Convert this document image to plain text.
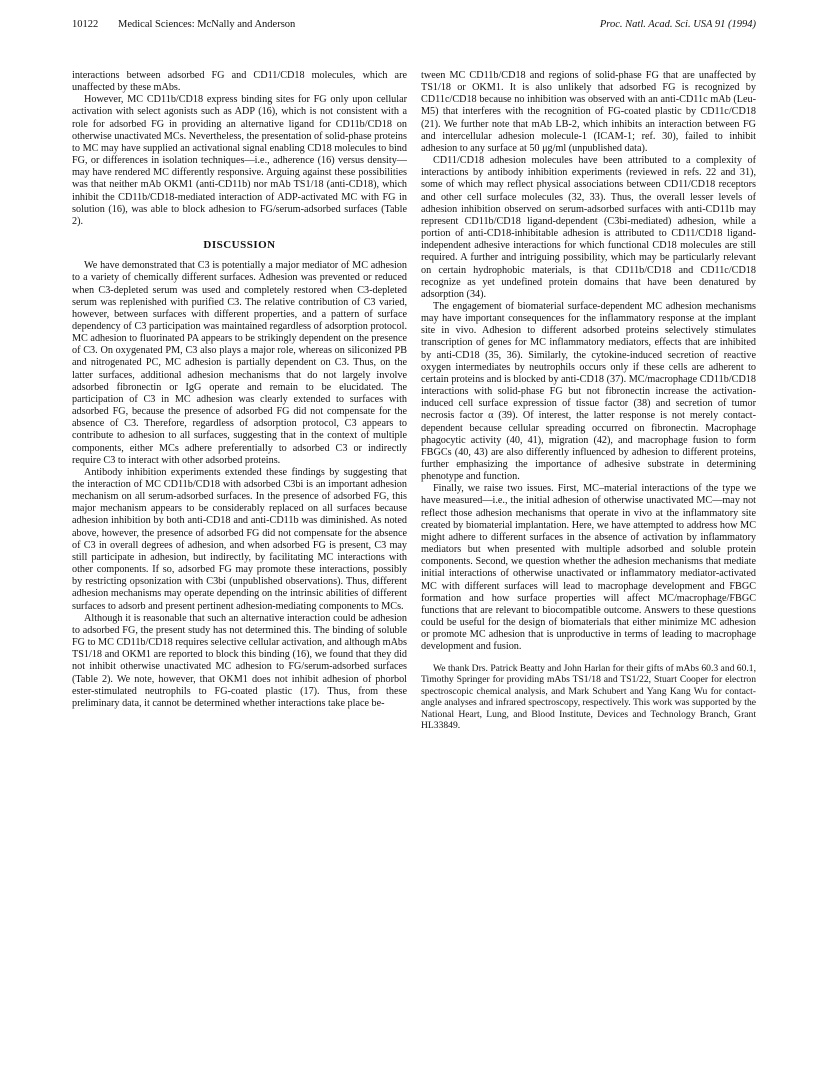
10122 Medical Sciences: McNally and Anderson	Proc. Natl. Acad. Sci. USA 91 (1994)

interactions between adsorbed FG and CD11/CD18 molecules, which are unaffected by these mAbs.

However, MC CD11b/CD18 express binding sites for FG only upon cellular activation with select agonists such as ADP (16), which is not consistent with a role for adsorbed FG in providing an alternative ligand for CD11b/CD18 on otherwise unactivated MCs. Nevertheless, the presentation of solid-phase proteins to MC may have supplied an activational signal enabling CD18 molecules to bind FG, or differences in isolation techniques—i.e., adherence (16) versus density—may have rendered MC differently responsive. Arguing against these possibilities was that neither mAb OKM1 (anti-CD11b) nor mAb TS1/18 (anti-CD18), which inhibit the CD11b/CD18-mediated interaction of ADP-activated MC with FG in solution (16), was able to block adhesion to FG/serum-adsorbed surfaces (Table 2).

DISCUSSION

We have demonstrated that C3 is potentially a major mediator of MC adhesion to a variety of chemically different surfaces. Adhesion was prevented or reduced when C3-depleted serum was used and completely restored when C3-depleted serum was replenished with purified C3. The relative contribution of C3 varied, however, between surfaces with different properties, and a pattern of surface dependency of C3 participation was maintained regardless of adsorption protocol. MC adhesion to fluorinated PA appears to be strikingly dependent on the presence of C3. On oxygenated PM, C3 also plays a major role, whereas on siliconized PB and nitrogenated PC, MC adhesion is partially dependent on C3. Thus, on the latter surfaces, additional adhesion mechanisms that do not largely involve adsorbed fibronectin or IgG operate and remain to be elucidated. The participation of C3 in MC adhesion was clearly extended to surfaces with adsorbed FG, because the presence of adsorbed FG did not compensate for the absence of C3. Therefore, regardless of adsorption protocol, C3 appears to contribute to adhesion to all surfaces, suggesting that in the context of multiple components, either MCs adhere preferentially to adsorbed C3 or indirectly require C3 to interact with other adsorbed proteins.

Antibody inhibition experiments extended these findings by suggesting that the interaction of MC CD11b/CD18 with adsorbed C3bi is an important adhesion mechanism on all serum-adsorbed surfaces. In the presence of adsorbed FG, this major mechanism appears to be considerably replaced on all surfaces because adhesion inhibition by both anti-CD18 and anti-CD11b was diminished. As noted above, however, the presence of adsorbed FG did not compensate for the absence of C3 in overall degrees of adhesion, and when adsorbed FG is present, C3 may still participate in adhesion, but indirectly, by facilitating MC interactions with other components. If so, adsorbed FG may promote these interactions, possibly by restricting opsonization with C3bi (unpublished observations). Thus, different adhesion mechanisms may operate depending on the intrinsic abilities of different surfaces to adsorb and present pertinent adhesion-mediating components to MCs.

Although it is reasonable that such an alternative interaction could be adhesion to adsorbed FG, the present study has not determined this. The binding of soluble FG to MC CD11b/CD18 requires selective cellular activation, and although mAbs TS1/18 and OKM1 are reported to block this binding (16), we found that they did not inhibit otherwise unactivated MC adhesion to FG/serum-adsorbed surfaces (Table 2). We note, however, that OKM1 does not inhibit adhesion of phorbol ester-stimulated neutrophils to FG-coated plastic (17). Thus, from these preliminary data, it cannot be determined whether interactions take place be-

tween MC CD11b/CD18 and regions of solid-phase FG that are unaffected by TS1/18 or OKM1. It is also unlikely that adsorbed FG is recognized by CD11c/CD18 because no inhibition was observed with an anti-CD11c mAb (Leu-M5) that interferes with the recognition of FG-coated plastic by CD11c/CD18 (21). We further note that mAb LB-2, which inhibits an interaction between FG and intercellular adhesion molecule-1 (ICAM-1; ref. 30), failed to inhibit adhesion to any surface at 50 μg/ml (unpublished data).

CD11/CD18 adhesion molecules have been attributed to a complexity of interactions by antibody inhibition experiments (reviewed in refs. 22 and 31), some of which may reflect physical associations between CD11/CD18 receptors and other cell surface molecules (32, 33). Thus, the overall lesser levels of adhesion inhibition observed on serum-adsorbed surfaces with anti-CD11b may represent CD11b/CD18 ligand-dependent (C3bi-mediated) adhesion, while a portion of anti-CD18-inhibitable adhesion is attributed to CD11/CD18 ligand-independent adhesive interactions for which functional CD18 molecules are still required. A further and intriguing possibility, which may be particularly relevant on certain hydrophobic materials, is that CD11b/CD18 and CD11c/CD18 recognize as yet undefined protein domains that have been denatured by adsorption (34).

The engagement of biomaterial surface-dependent MC adhesion mechanisms may have important consequences for the inflammatory response at the implant site in vivo. Adhesion to different adsorbed proteins selectively stimulates transcription of genes for MC inflammatory mediators, effects that are inhibited by anti-CD18 (35, 36). Similarly, the cytokine-induced secretion of reactive oxygen intermediates by neutrophils occurs only if these cells are adherent to certain proteins and is blocked by anti-CD18 (37). MC/macrophage CD11b/CD18 interactions with solid-phase FG but not fibronectin increase the activation-induced cell surface expression of tissue factor (38) and secretion of tumor necrosis factor α (39). Of interest, the latter response is not merely contact-dependent because cellular spreading occurred on fibronectin. Macrophage phagocytic activity (40, 41), migration (42), and macrophage fusion to form FBGCs (40, 43) are also differently influenced by adhesion to different proteins, further emphasizing the importance of adhesive substrate in determining phenotype and function.

Finally, we raise two issues. First, MC–material interactions of the type we have measured—i.e., the initial adhesion of otherwise unactivated MC—may not reflect those adhesion mechanisms that operate in vivo at the inflammatory site created by biomaterial implantation. Here, we have attempted to address how MC might adhere to different surfaces in the absence of activation by inflammatory mediators but when presented with multiple adsorbed and soluble protein components. Second, we question whether the adhesion mechanisms that mediate initial interactions of otherwise unactivated or inflammatory mediator-activated MC with different surfaces will lead to macrophage development and FBGC formation and how surface properties will affect MC/macrophage/FBGC functions that are relevant to biocompatible outcome. Answers to these questions could be useful for the design of biomaterials that either minimize MC adhesion or promote MC adhesion that is unproductive in terms of leading to macrophage development and fusion.

We thank Drs. Patrick Beatty and John Harlan for their gifts of mAbs 60.3 and 60.1, Timothy Springer for providing mAbs TS1/18 and TS1/22, Stuart Cooper for electron spectroscopic chemical analysis, and Mark Schubert and Yang Kang Wu for contact-angle analyses and infrared spectroscopy, respectively. This work was supported by the National Heart, Lung, and Blood Institute, Devices and Technology Branch, Grant HL33849.
